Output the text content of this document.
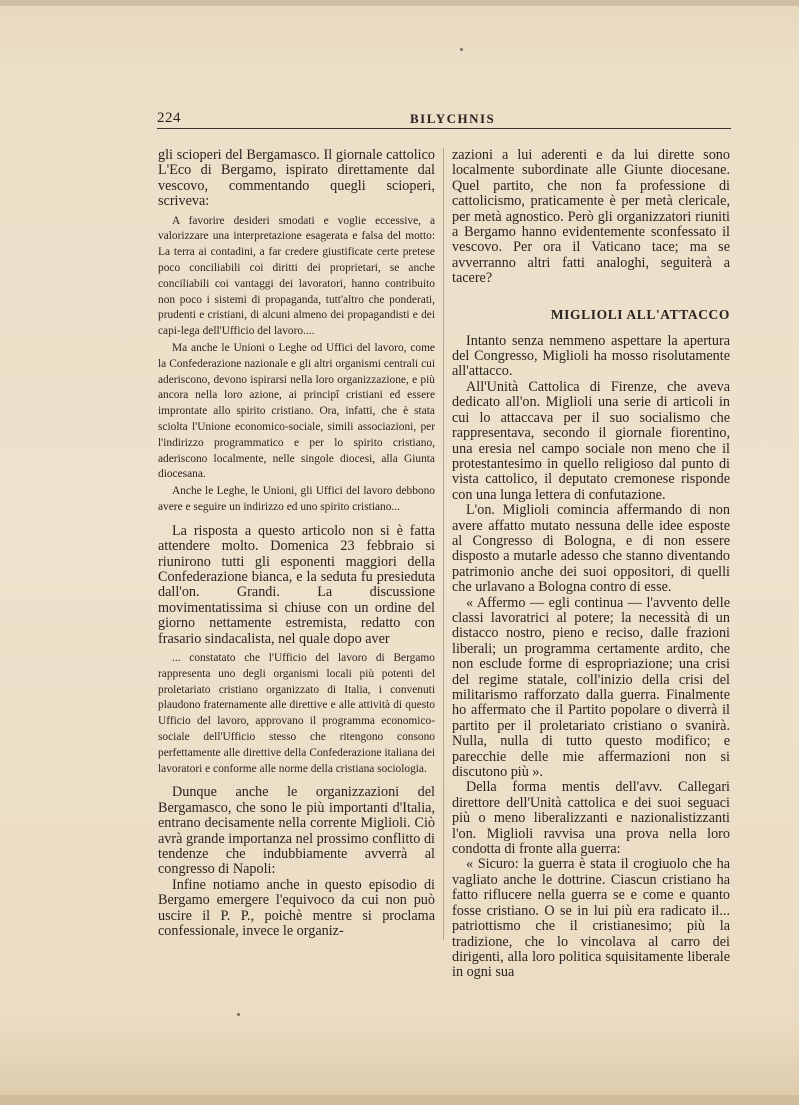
224	BILYCHNIS

gli scioperi del Bergamasco. Il giornale cattolico L'Eco di Bergamo, ispirato direttamente dal vescovo, commentando quegli scioperi, scriveva:

A favorire desideri smodati e voglie eccessive, a valorizzare una interpretazione esagerata e falsa del motto: La terra ai contadini, a far credere giustificate certe pretese poco conciliabili coi diritti dei proprietari, se anche conciliabili coi vantaggi dei lavoratori, hanno contribuito non poco i sistemi di propaganda, tutt'altro che ponderati, prudenti e cristiani, di alcuni almeno dei propagandisti e dei capi-lega dell'Ufficio del lavoro....

Ma anche le Unioni o Leghe od Uffici del lavoro, come la Confederazione nazionale e gli altri organismi centrali cui aderiscono, devono ispirarsi nella loro organizzazione, e più ancora nella loro azione, ai principî cristiani ed essere improntate allo spirito cristiano. Ora, infatti, che è stata sciolta l'Unione economico-sociale, simili associazioni, per l'indirizzo programmatico e per lo spirito cristiano, aderiscono localmente, nelle singole diocesi, alla Giunta diocesana.

Anche le Leghe, le Unioni, gli Uffici del lavoro debbono avere e seguire un indirizzo ed uno spirito cristiano...

La risposta a questo articolo non si è fatta attendere molto. Domenica 23 febbraio si riunirono tutti gli esponenti maggiori della Confederazione bianca, e la seduta fu presieduta dall'on. Grandi. La discussione movimentatissima si chiuse con un ordine del giorno nettamente estremista, redatto con frasario sindacalista, nel quale dopo aver

... constatato che l'Ufficio del lavoro di Bergamo rappresenta uno degli organismi locali più potenti del proletariato cristiano organizzato di Italia, i convenuti plaudono fraternamente alle direttive e alle attività di questo Ufficio del lavoro, approvano il programma economico-sociale dell'Ufficio stesso che ritengono consono perfettamente alle direttive della Confederazione italiana dei lavoratori e conforme alle norme della cristiana sociologia.

Dunque anche le organizzazioni del Bergamasco, che sono le più importanti d'Italia, entrano decisamente nella corrente Miglioli. Ciò avrà grande importanza nel prossimo conflitto di tendenze che indubbiamente avverrà al congresso di Napoli:

Infine notiamo anche in questo episodio di Bergamo emergere l'equivoco da cui non può uscire il P. P., poichè mentre si proclama confessionale, invece le organiz-

zazioni a lui aderenti e da lui dirette sono localmente subordinate alle Giunte diocesane. Quel partito, che non fa professione di cattolicismo, praticamente è per metà clericale, per metà agnostico. Però gli organizzatori riuniti a Bergamo hanno evidentemente sconfessato il vescovo. Per ora il Vaticano tace; ma se avverranno altri fatti analoghi, seguiterà a tacere?

MIGLIOLI ALL'ATTACCO

Intanto senza nemmeno aspettare la apertura del Congresso, Miglioli ha mosso risolutamente all'attacco.

All'Unità Cattolica di Firenze, che aveva dedicato all'on. Miglioli una serie di articoli in cui lo attaccava per il suo socialismo che rappresentava, secondo il giornale fiorentino, una eresia nel campo sociale non meno che il protestantesimo in quello religioso dal punto di vista cattolico, il deputato cremonese risponde con una lunga lettera di confutazione.

L'on. Miglioli comincia affermando di non avere affatto mutato nessuna delle idee esposte al Congresso di Bologna, e di non essere disposto a mutarle adesso che stanno diventando patrimonio anche dei suoi oppositori, di quelli che urlavano a Bologna contro di esse.

« Affermo — egli continua — l'avvento delle classi lavoratrici al potere; la necessità di un distacco nostro, pieno e reciso, dalle frazioni liberali; un programma certamente ardito, che non esclude forme di espropriazione; una crisi del regime statale, coll'inizio della crisi del militarismo rafforzato dalla guerra. Finalmente ho affermato che il Partito popolare o diverrà il partito per il proletariato cristiano o svanirà. Nulla, nulla di tutto questo modifico; e parecchie delle mie affermazioni non si discutono più ».

Della forma mentis dell'avv. Callegari direttore dell'Unità cattolica e dei suoi seguaci più o meno liberalizzanti e nazionalistizzanti l'on. Miglioli ravvisa una prova nella loro condotta di fronte alla guerra:

« Sicuro: la guerra è stata il crogiuolo che ha vagliato anche le dottrine. Ciascun cristiano ha fatto riflucere nella guerra se e come e quanto fosse cristiano. O se in lui più era radicato il... patriottismo che il cristianesimo; più la tradizione, che lo vincolava al carro dei dirigenti, alla loro politica squisitamente liberale in ogni sua
